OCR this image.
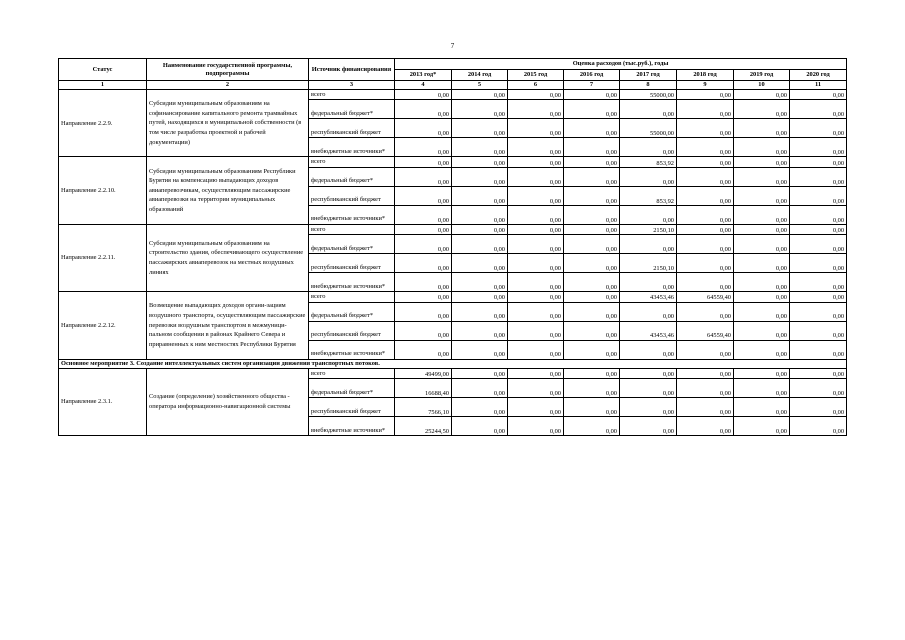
7
Статус	Наименование государственной программы, подпрограммы	Источник финансирования	Оценка расходов (тыс.руб.), годы							
			2013 год*	2014 год	2015 год	2016 год	2017 год	2018 год	2019 год	2020 год
1	2	3	4	5	6	7	8	9	10	11
Направление 2.2.9.	Субсидии муниципальным образованиям на софинансирование капитального ремонта трамвайных путей, находящихся в муниципальной собственности (в том числе разработка проектной и рабочей документации)	всего	0,00	0,00	0,00	0,00	55000,00	0,00	0,00	0,00
		федеральный бюджет*	0,00	0,00	0,00	0,00	0,00	0,00	0,00	0,00
		республиканский бюджет	0,00	0,00	0,00	0,00	55000,00	0,00	0,00	0,00
		внебюджетные источники*	0,00	0,00	0,00	0,00	0,00	0,00	0,00	0,00
Направление 2.2.10.	Субсидии муниципальным образованиям Республики Бурятия на компенсацию выпадающих доходов авиаперевозчикам, осуществляющим пассажирские авиаперевозки на территории муниципальных образований	всего	0,00	0,00	0,00	0,00	853,92	0,00	0,00	0,00
		федеральный бюджет*	0,00	0,00	0,00	0,00	0,00	0,00	0,00	0,00
		республиканский бюджет	0,00	0,00	0,00	0,00	853,92	0,00	0,00	0,00
		внебюджетные источники*	0,00	0,00	0,00	0,00	0,00	0,00	0,00	0,00
Направление 2.2.11.	Субсидии муниципальным образованиям на строительство здания, обеспечивающего осуществление пассажирских авиаперевозок на местных воздушных линиях	всего	0,00	0,00	0,00	0,00	2150,10	0,00	0,00	0,00
		федеральный бюджет*	0,00	0,00	0,00	0,00	0,00	0,00	0,00	0,00
		республиканский бюджет	0,00	0,00	0,00	0,00	2150,10	0,00	0,00	0,00
		внебюджетные источники*	0,00	0,00	0,00	0,00	0,00	0,00	0,00	0,00
Направление 2.2.12.	Возмещение выпадающих доходов органи-зациям воздушного транспорта, осуществляющим пассажирские перевозки воздушным транспортом в межмуници-пальном сообщении в районах Крайнего Севера и приравненных к ним местностях Республики Бурятия	всего	0,00	0,00	0,00	0,00	43453,46	64559,40	0,00	0,00
		федеральный бюджет*	0,00	0,00	0,00	0,00	0,00	0,00	0,00	0,00
		республиканский бюджет	0,00	0,00	0,00	0,00	43453,46	64559,40	0,00	0,00
		внебюджетные источники*	0,00	0,00	0,00	0,00	0,00	0,00	0,00	0,00
Основное мероприятие 3. Создание интеллектуальных систем организации движения транспортных потоков.										
Направление 2.3.1.	Создание (определение) хозяйственного общества - оператора информационно-навигационной системы	всего	49499,00	0,00	0,00	0,00	0,00	0,00	0,00	0,00
		федеральный бюджет*	16688,40	0,00	0,00	0,00	0,00	0,00	0,00	0,00
		республиканский бюджет	7566,10	0,00	0,00	0,00	0,00	0,00	0,00	0,00
		внебюджетные источники*	25244,50	0,00	0,00	0,00	0,00	0,00	0,00	0,00
